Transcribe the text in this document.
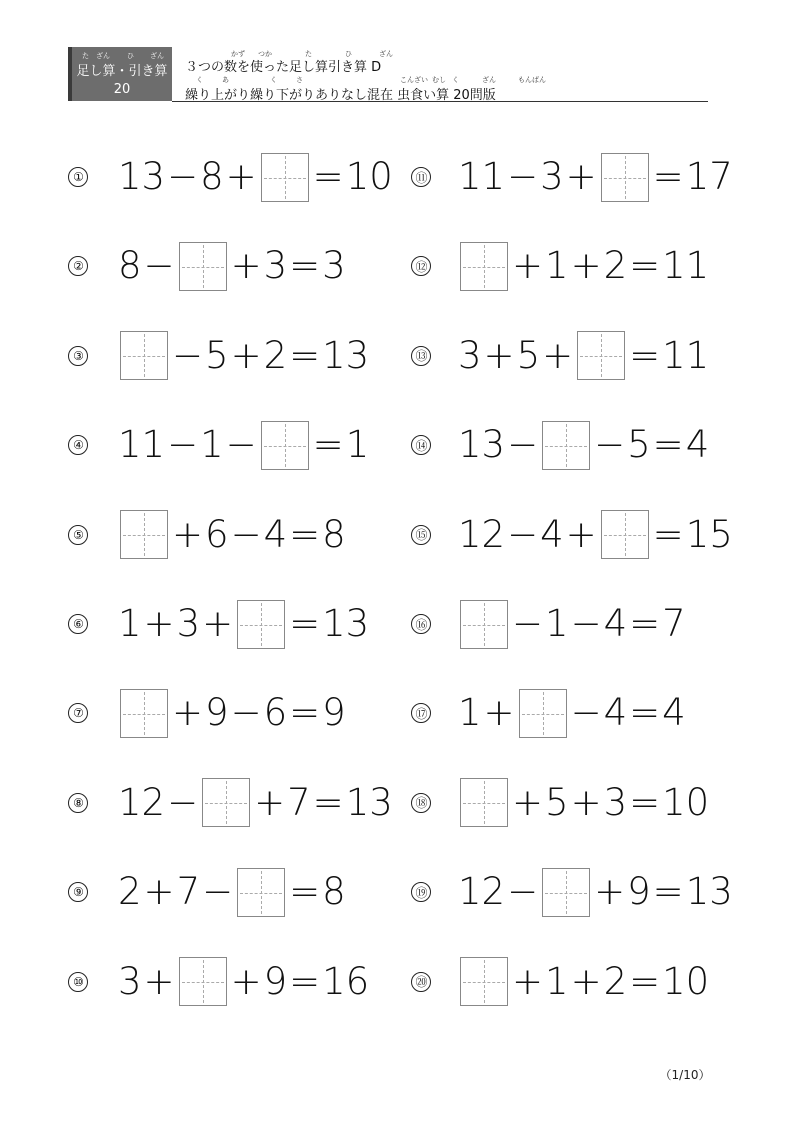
足し算・引き算
20
た ざん ひ ざん
３つの数を使った足し算引き算 D
繰り上がり繰り下がりありなし混在 虫食い算 20問版
かず つか	た	ひ	ざん
く	あ	く	さ	こんざい むし く	ざん	もんばん
① 13 − 8 + = 10
② 8 − + 3 = 3
③ − 5 + 2 = 13
④ 11 − 1 − = 1
⑤ + 6 − 4 = 8
⑥ 1 + 3 + = 13
⑦ + 9 − 6 = 9
⑧ 12 − + 7 = 13
⑨ 2 + 7 − = 8
⑩ 3 + + 9 = 16
⑪ 11 − 3 + = 17
⑫ + 1 + 2 = 11
⑬ 3 + 5 + = 11
⑭ 13 − − 5 = 4
⑮ 12 − 4 + = 15
⑯ − 1 − 4 = 7
⑰ 1 + − 4 = 4
⑱ + 5 + 3 = 10
⑲ 12 − + 9 = 13
⑳ + 1 + 2 = 10
（1/10）
